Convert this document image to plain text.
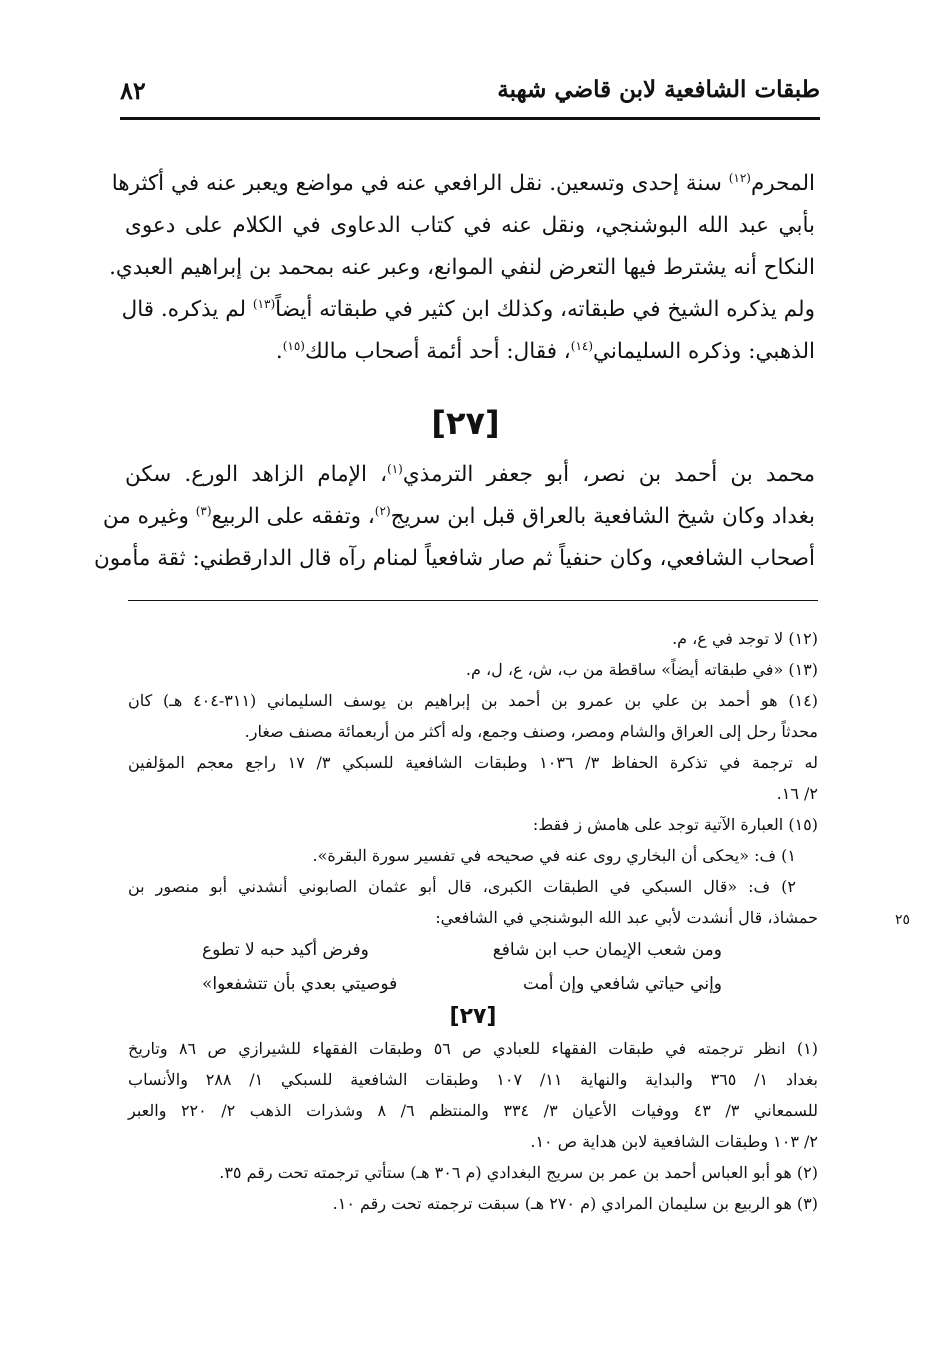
٨٢	طبقات الشافعية لابن قاضي شهبة
المحرم$^{(١٢)}$ سنة إحدى وتسعين. نقل الرافعي عنه في مواضع ويعبر عنه في أكثرها
بأبي عبد الله البوشنجي، ونقل عنه في كتاب الدعاوى في الكلام على دعوى
النكاح أنه يشترط فيها التعرض لنفي الموانع، وعبر عنه بمحمد بن إبراهيم العبدي.
ولم يذكره الشيخ في طبقاته، وكذلك ابن كثير في طبقاته أيضاً$^{(١٣)}$ لم يذكره. قال
الذهبي: وذكره السليماني$^{(١٤)}$، فقال: أحد أئمة أصحاب مالك$^{(١٥)}$.
[٢٧]
محمد بن أحمد بن نصر، أبو جعفر الترمذي$^{(١)}$، الإمام الزاهد الورع. سكن
بغداد وكان شيخ الشافعية بالعراق قبل ابن سريج$^{(٢)}$، وتفقه على الربيع$^{(٣)}$ وغيره من
أصحاب الشافعي، وكان حنفياً ثم صار شافعياً لمنام رآه قال الدارقطني: ثقة مأمون
(١٢) لا توجد في ع، م.
(١٣) «في طبقاته أيضاً» ساقطة من ب، ش، ع، ل، م.
(١٤) هو أحمد بن علي بن عمرو بن أحمد بن إبراهيم بن يوسف السليماني (٣١١-٤٠٤ هـ) كان
محدثاً رحل إلى العراق والشام ومصر، وصنف وجمع، وله أكثر من أربعمائة مصنف صغار.
له ترجمة في تذكرة الحفاظ ٣/ ١٠٣٦ وطبقات الشافعية للسبكي ٣/ ١٧ راجع معجم المؤلفين
٢/ ١٦.
(١٥) العبارة الآتية توجد على هامش ز فقط:
١) ف: «يحكى أن البخاري روى عنه في صحيحه في تفسير سورة البقرة».
٢) ف: «قال السبكي في الطبقات الكبرى، قال أبو عثمان الصابوني أنشدني أبو منصور بن
حمشاذ، قال أنشدت لأبي عبد الله البوشنجي في الشافعي:
ومن شعب الإيمان حب ابن شافع
وفرض أكيد حبه لا تطوع
وإني حياتي شافعي وإن أمت
فوصيتي بعدي بأن تتشفعوا»
[٢٧]
(١) انظر ترجمته في طبقات الفقهاء للعبادي ص ٥٦ وطبقات الفقهاء للشيرازي ص ٨٦ وتاريخ
بغداد ١/ ٣٦٥ والبداية والنهاية ١١/ ١٠٧ وطبقات الشافعية للسبكي ١/ ٢٨٨ والأنساب
للسمعاني ٣/ ٤٣ ووفيات الأعيان ٣/ ٣٣٤ والمنتظم ٦/ ٨ وشذرات الذهب ٢/ ٢٢٠ والعبر
٢/ ١٠٣ وطبقات الشافعية لابن هداية ص ١٠.
(٢) هو أبو العباس أحمد بن عمر بن سريج البغدادي (م ٣٠٦ هـ) ستأتي ترجمته تحت رقم ٣٥.
(٣) هو الربيع بن سليمان المرادي (م ٢٧٠ هـ) سبقت ترجمته تحت رقم ١٠.
٢٥
